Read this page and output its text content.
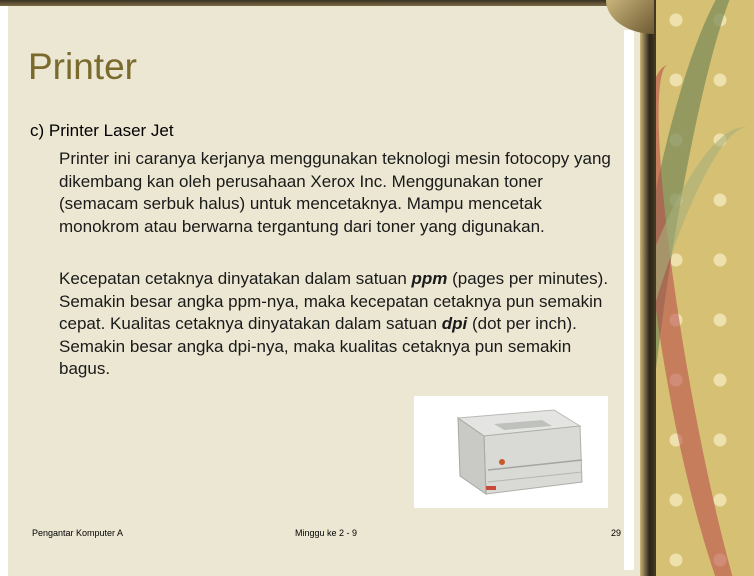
Printer

c) Printer Laser Jet

Printer ini caranya kerjanya menggunakan teknologi mesin fotocopy yang dikembang kan oleh perusahaan Xerox Inc. Menggunakan toner (semacam serbuk halus) untuk mencetaknya. Mampu mencetak monokrom atau berwarna tergantung dari toner yang digunakan.

Kecepatan cetaknya dinyatakan dalam satuan ppm (pages per minutes). Semakin besar angka ppm-nya, maka kecepatan cetaknya pun semakin cepat. Kualitas cetaknya dinyatakan dalam satuan dpi (dot per inch). Semakin besar angka dpi-nya, maka kualitas cetaknya pun semakin bagus.

Pengantar Komputer A	Minggu ke 2 - 9	29
